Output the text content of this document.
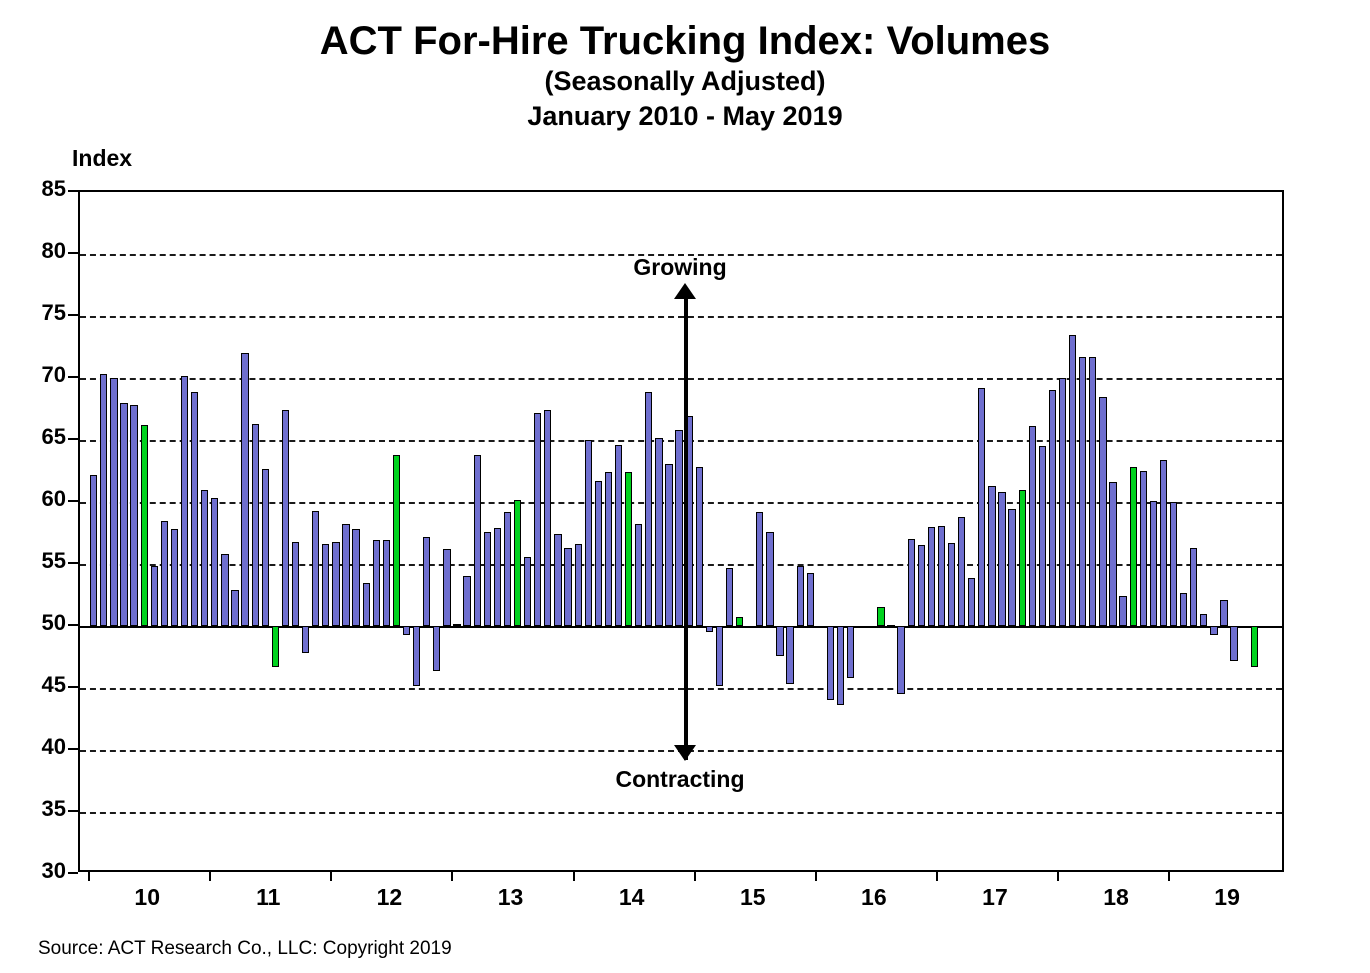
ACT For-Hire Trucking Index: Volumes
(Seasonally Adjusted)
January 2010 - May 2019
Index
Growing
Contracting
Source: ACT Research Co., LLC: Copyright 2019
85
80
75
70
65
60
55
50
45
40
35
30
10	11	12	13	14	15	16	17	18	19
